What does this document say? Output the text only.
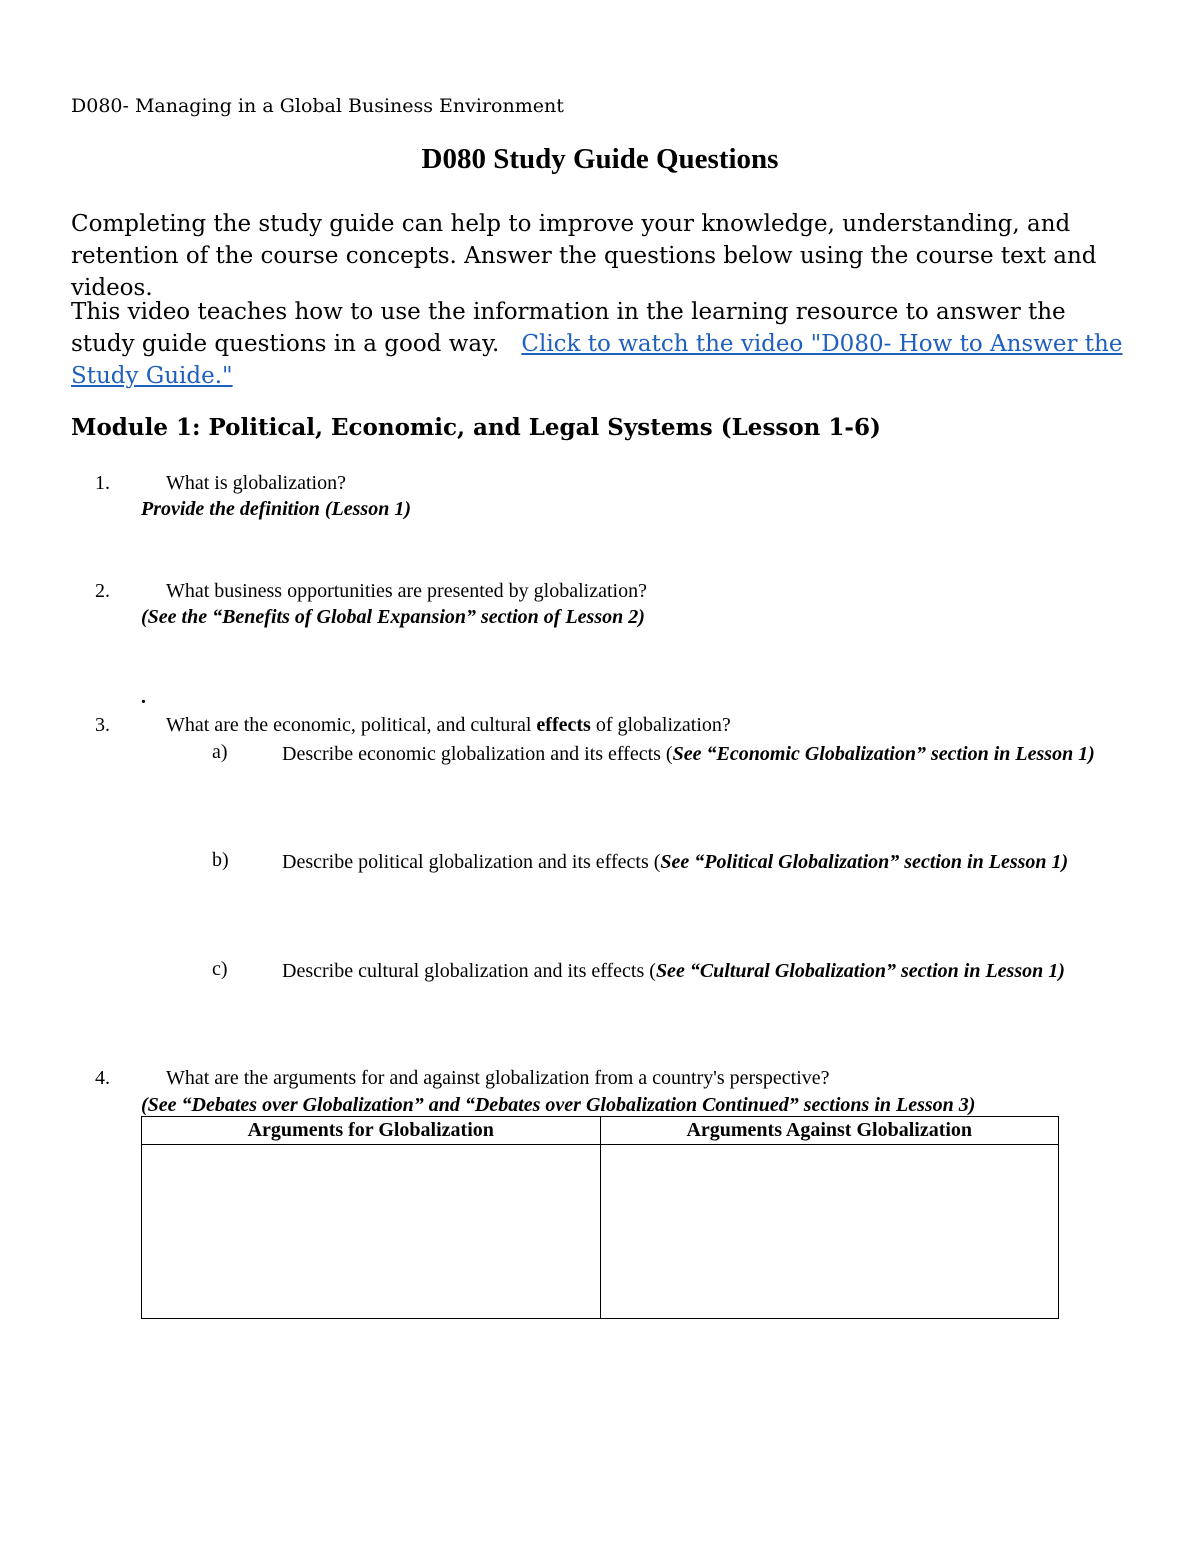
D080- Managing in a Global Business Environment
D080 Study Guide Questions
Completing the study guide can help to improve your knowledge, understanding, and retention of the course concepts. Answer the questions below using the course text and videos.
This video teaches how to use the information in the learning resource to answer the study guide questions in a good way. Click to watch the video "D080- How to Answer the Study Guide."
Module 1: Political, Economic, and Legal Systems (Lesson 1-6)
1.	What is globalization?
Provide the definition (Lesson 1)
2.	What business opportunities are presented by globalization?
(See the “Benefits of Global Expansion” section of Lesson 2)
.
3.	What are the economic, political, and cultural effects of globalization?
a)	Describe economic globalization and its effects (See “Economic Globalization” section in Lesson 1)
b)	Describe political globalization and its effects (See “Political Globalization” section in Lesson 1)
c)	Describe cultural globalization and its effects (See “Cultural Globalization” section in Lesson 1)
4.	What are the arguments for and against globalization from a country's perspective?
(See “Debates over Globalization” and “Debates over Globalization Continued” sections in Lesson 3)
Arguments for Globalization	Arguments Against Globalization
